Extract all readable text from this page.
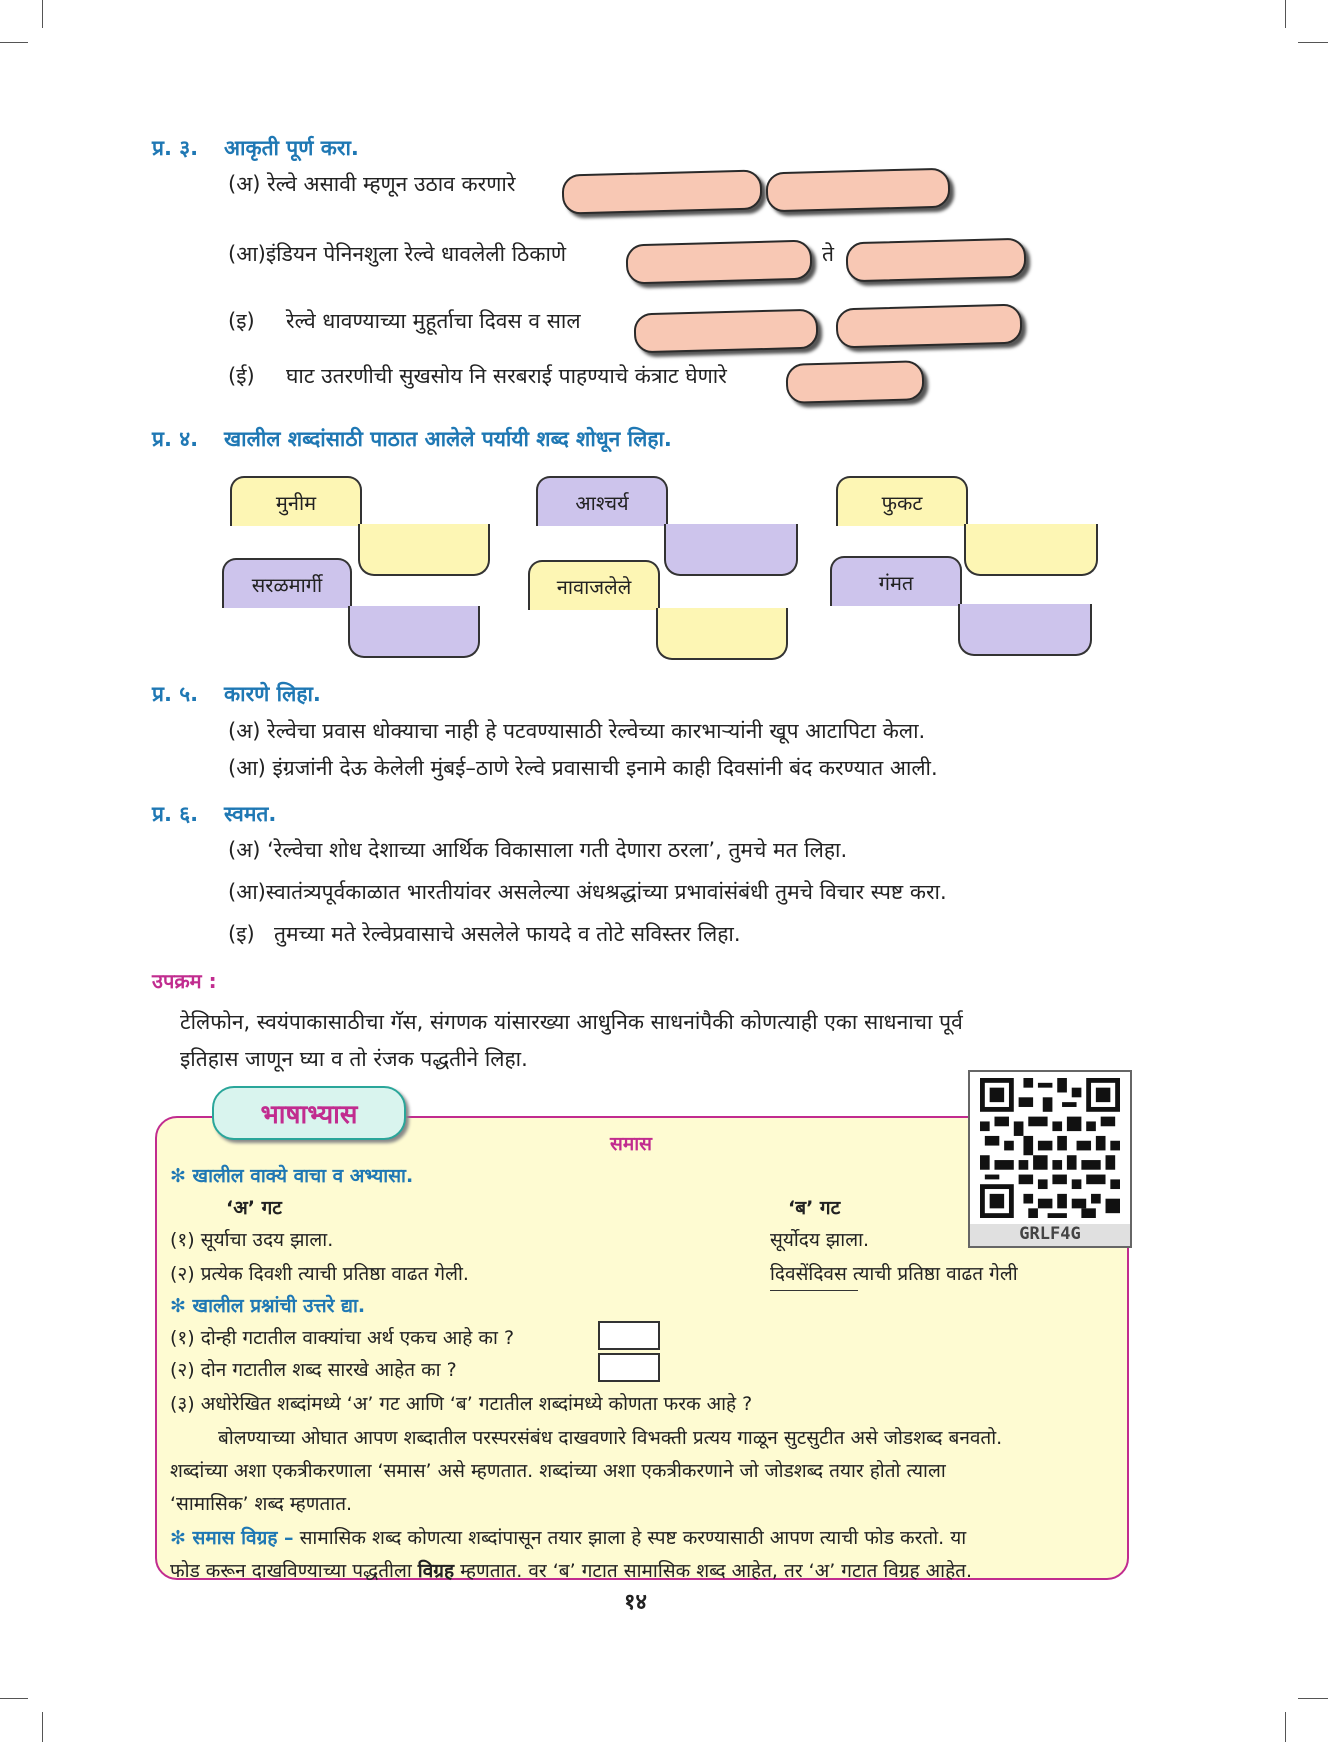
प्र. ३. आकृती पूर्ण करा.
(अ) रेल्वे असावी म्हणून उठाव करणारे
(आ)इंडियन पेनिनशुला रेल्वे धावलेली ठिकाणे	ते
(इ) रेल्वे धावण्याच्या मुहूर्ताचा दिवस व साल
(ई) घाट उतरणीची सुखसोय नि सरबराई पाहण्याचे कंत्राट घेणारे
प्र. ४. खालील शब्दांसाठी पाठात आलेले पर्यायी शब्द शोधून लिहा.
मुनीम
सरळमार्गी
आश्चर्य
नावाजलेले
फुकट
गंमत
प्र. ५. कारणे लिहा.
(अ) रेल्वेचा प्रवास धोक्याचा नाही हे पटवण्यासाठी रेल्वेच्या कारभाऱ्यांनी खूप आटापिटा केला.
(आ) इंग्रजांनी देऊ केलेली मुंबई–ठाणे रेल्वे प्रवासाची इनामे काही दिवसांनी बंद करण्यात आली.
प्र. ६. स्वमत.
(अ) ‘रेल्वेचा शोध देशाच्या आर्थिक विकासाला गती देणारा ठरला’, तुमचे मत लिहा.
(आ)स्वातंत्र्यपूर्वकाळात भारतीयांवर असलेल्या अंधश्रद्धांच्या प्रभावांसंबंधी तुमचे विचार स्पष्ट करा.
(इ) तुमच्या मते रेल्वेप्रवासाचे असलेले फायदे व तोटे सविस्तर लिहा.
उपक्रम :
टेलिफोन, स्वयंपाकासाठीचा गॅस, संगणक यांसारख्या आधुनिक साधनांपैकी कोणत्याही एका साधनाचा पूर्व
इतिहास जाणून घ्या व तो रंजक पद्धतीने लिहा.
भाषाभ्यास
GRLF4G
समास
✻ खालील वाक्ये वाचा व अभ्यासा.
‘अ’ गट	‘ब’ गट
(१) सूर्याचा उदय झाला.	सूर्योदय झाला.
(२) प्रत्येक दिवशी त्याची प्रतिष्ठा वाढत गेली.	दिवसेंदिवस त्याची प्रतिष्ठा वाढत गेली
✻ खालील प्रश्नांची उत्तरे द्या.
(१) दोन्ही गटातील वाक्यांचा अर्थ एकच आहे का ?
(२) दोन गटातील शब्द सारखे आहेत का ?
(३) अधोरेखित शब्दांमध्ये ‘अ’ गट आणि ‘ब’ गटातील शब्दांमध्ये कोणता फरक आहे ?
बोलण्याच्या ओघात आपण शब्दातील परस्परसंबंध दाखवणारे विभक्ती प्रत्यय गाळून सुटसुटीत असे जोडशब्द बनवतो.
शब्दांच्या अशा एकत्रीकरणाला ‘समास’ असे म्हणतात. शब्दांच्या अशा एकत्रीकरणाने जो जोडशब्द तयार होतो त्याला
‘सामासिक’ शब्द म्हणतात.
✻ समास विग्रह – सामासिक शब्द कोणत्या शब्दांपासून तयार झाला हे स्पष्ट करण्यासाठी आपण त्याची फोड करतो. या
फोड करून दाखविण्याच्या पद्धतीला विग्रह म्हणतात. वर ‘ब’ गटात सामासिक शब्द आहेत, तर ‘अ’ गटात विग्रह आहेत.
१४
